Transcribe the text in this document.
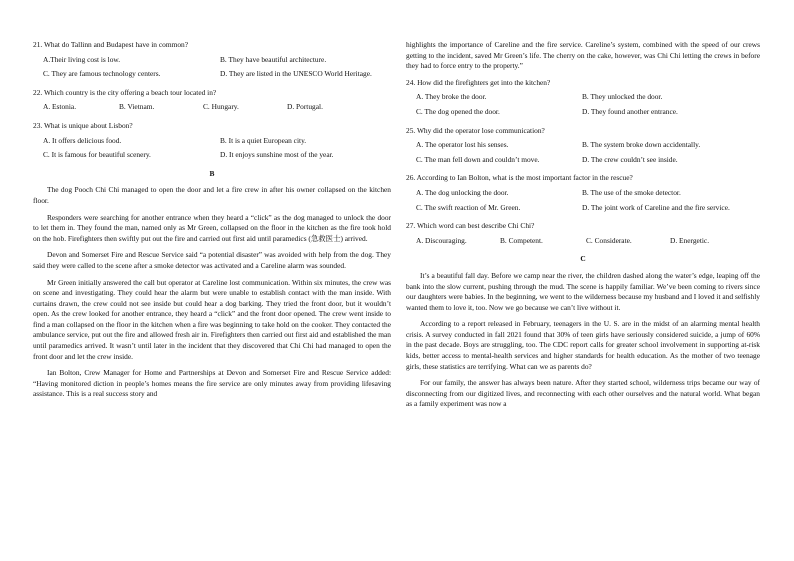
21. What do Tallinn and Budapest have in common?
A.Their living cost is low.	B. They have beautiful architecture.
C. They are famous technology centers.	D. They are listed in the UNESCO World Heritage.
22. Which country is the city offering a beach tour located in?
A. Estonia.	B. Vietnam.	C. Hungary.	D. Portugal.
23. What is unique about Lisbon?
A. It offers delicious food.	B. It is a quiet European city.
C. It is famous for beautiful scenery.	D. It enjoys sunshine most of the year.
B

The dog Pooch Chi Chi managed to open the door and let a fire crew in after his owner collapsed on the kitchen floor.

Responders were searching for another entrance when they heard a “click” as the dog managed to unlock the door to let them in. They found the man, named only as Mr Green, collapsed on the floor in the kitchen as the fire took hold on the hob. Firefighters then swiftly put out the fire and carried out first aid until paramedics (急救医士) arrived.

Devon and Somerset Fire and Rescue Service said “a potential disaster” was avoided with help from the dog. They said they were called to the scene after a smoke detector was activated and a Careline alarm was sounded.

Mr Green initially answered the call but operator at Careline lost communication. Within six minutes, the crew was on scene and investigating. They could hear the alarm but were unable to establish contact with the man inside. With curtains drawn, the crew could not see inside but could hear a dog barking. They tried the front door, but it wouldn’t open. As the crew looked for another entrance, they heard a “click” and the front door opened. The crew went inside to find a man collapsed on the floor in the kitchen when a fire was beginning to take hold on the cooker. They contacted the ambulance service, put out the fire and allowed fresh air in. Firefighters then carried out first aid and established the man until paramedics arrived. It wasn’t until later in the incident that they discovered that Chi Chi had managed to open the front door and let the crew inside.

Ian Bolton, Crew Manager for Home and Partnerships at Devon and Somerset Fire and Rescue Service added: “Having monitored diction in people’s homes means the fire service are only minutes away from providing lifesaving assistance. This is a real success story and

highlights the importance of Careline and the fire service. Careline’s system, combined with the speed of our crews getting to the incident, saved Mr Green’s life. The cherry on the cake, however, was Chi Chi letting the crews in before they had to force entry to the property.”

24. How did the firefighters get into the kitchen?
A. They broke the door.	B. They unlocked the door.
C. The dog opened the door.	D. They found another entrance.
25. Why did the operator lose communication?
A. The operator lost his senses.	B. The system broke down accidentally.
C. The man fell down and couldn’t move.	D. The crew couldn’t see inside.
26. According to Ian Bolton, what is the most important factor in the rescue?
A. The dog unlocking the door.	B. The use of the smoke detector.
C. The swift reaction of Mr. Green.	D. The joint work of Careline and the fire service.
27. Which word can best describe Chi Chi?
A. Discouraging.	B. Competent.	C. Considerate.	D. Energetic.
C

It’s a beautiful fall day. Before we camp near the river, the children dashed along the water’s edge, leaping off the bank into the slow current, pushing through the mud. The scene is happily familiar. We’ve been coming to rivers since our daughters were babies. In the beginning, we went to the wilderness because my husband and I loved it and selfishly wanted them to love it, too. Now we go because we can’t live without it.

According to a report released in February, teenagers in the U. S. are in the midst of an alarming mental health crisis. A survey conducted in fall 2021 found that 30% of teen girls have seriously considered suicide, a jump of 60% in the past decade. Boys are struggling, too. The CDC report calls for greater school involvement in supporting at-risk kids, better access to mental-health services and higher standards for health education. As the mother of two teenage girls, these statistics are terrifying. What can we as parents do?

For our family, the answer has always been nature. After they started school, wilderness trips became our way of disconnecting from our digitized lives, and reconnecting with each other ourselves and the natural world. What began as a family experiment was now a
